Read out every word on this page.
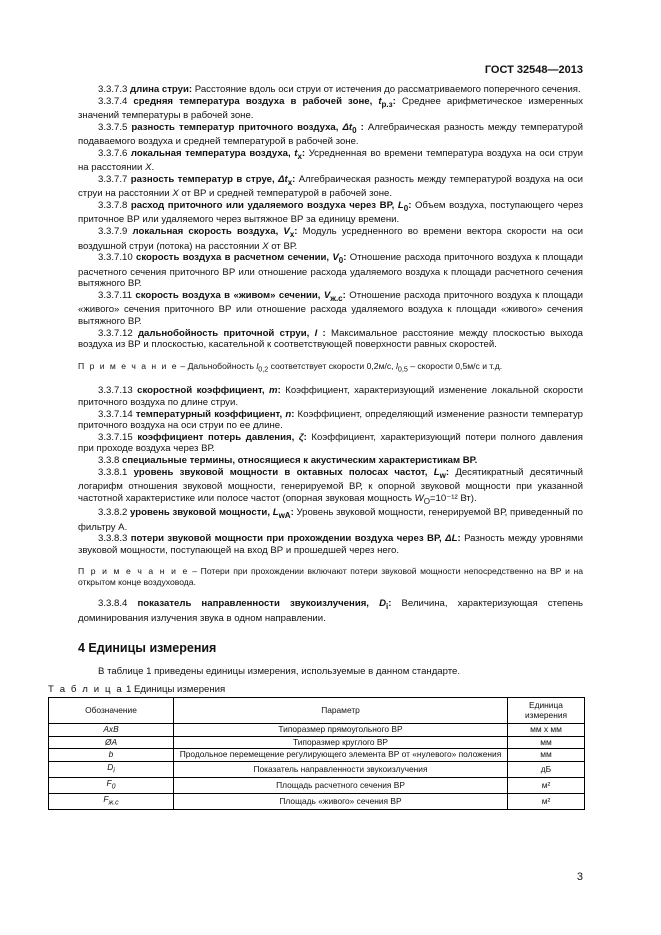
ГОСТ 32548—2013

3.3.7.3 длина струи: Расстояние вдоль оси струи от истечения до рассматриваемого поперечного сечения.

3.3.7.4 средняя температура воздуха в рабочей зоне, $t_{р.з}$: Среднее арифметическое измеренных значений температуры в рабочей зоне.

3.3.7.5 разность температур приточного воздуха, $\Delta t_0$ : Алгебраическая разность между температурой подаваемого воздуха и средней температурой в рабочей зоне.

3.3.7.6 локальная температура воздуха, $t_x$: Усредненная во времени температура воздуха на оси струи на расстоянии X.

3.3.7.7 разность температур в струе, $\Delta t_x$: Алгебраическая разность между температурой воздуха на оси струи на расстоянии X от ВР и средней температурой в рабочей зоне.

3.3.7.8 расход приточного или удаляемого воздуха через ВР, $L_0$: Объем воздуха, поступающего через приточное ВР или удаляемого через вытяжное ВР за единицу времени.

3.3.7.9 локальная скорость воздуха, $V_x$: Модуль усредненного во времени вектора скорости на оси воздушной струи (потока) на расстоянии X от ВР.

3.3.7.10 скорость воздуха в расчетном сечении, $V_0$: Отношение расхода приточного воздуха к площади расчетного сечения приточного ВР или отношение расхода удаляемого воздуха к площади расчетного сечения вытяжного ВР.

3.3.7.11 скорость воздуха в «живом» сечении, $V_{ж.с}$: Отношение расхода приточного воздуха к площади «живого» сечения приточного ВР или отношение расхода удаляемого воздуха к площади «живого» сечения вытяжного ВР.

3.3.7.12 дальнобойность приточной струи, l : Максимальное расстояние между плоскостью выхода воздуха из ВР и плоскостью, касательной к соответствующей поверхности равных скоростей.

П р и м е ч а н и е – Дальнобойность $l_{0,2}$ соответствует скорости 0,2м/с, $l_{0,5}$ – скорости 0,5м/с и т.д.

3.3.7.13 скоростной коэффициент, m: Коэффициент, характеризующий изменение локальной скорости приточного воздуха по длине струи.

3.3.7.14 температурный коэффициент, n: Коэффициент, определяющий изменение разности температур приточного воздуха на оси струи по ее длине.

3.3.7.15 коэффициент потерь давления, ζ: Коэффициент, характеризующий потери полного давления при проходе воздуха через ВР.

3.3.8 специальные термины, относящиеся к акустическим характеристикам ВР.

3.3.8.1 уровень звуковой мощности в октавных полосах частот, $L_w$: Десятикратный десятичный логарифм отношения звуковой мощности, генерируемой ВР, к опорной звуковой мощности при указанной частотной характеристике или полосе частот (опорная звуковая мощность $W_O=10^{-12}$ Вт).

3.3.8.2 уровень звуковой мощности, $L_{wA}$: Уровень звуковой мощности, генерируемой ВР, приведенный по фильтру А.

3.3.8.3 потери звуковой мощности при прохождении воздуха через ВР, ΔL: Разность между уровнями звуковой мощности, поступающей на вход ВР и прошедшей через него.

П р и м е ч а н и е – Потери при прохождении включают потери звуковой мощности непосредственно на ВР и на открытом конце воздуховода.

3.3.8.4 показатель направленности звукоизлучения, $D_i$: Величина, характеризующая степень доминирования излучения звука в одном направлении.

4 Единицы измерения

В таблице 1 приведены единицы измерения, используемые в данном стандарте.

Т а б л и ц а 1 Единицы измерения
Обозначение	Параметр	Единица измерения
AxB	Типоразмер прямоугольного ВР	мм х мм
ØA	Типоразмер круглого ВР	мм
b	Продольное перемещение регулирующего элемента ВР от «нулевого» положения	мм
$D_i$	Показатель направленности звукоизлучения	дБ
$F_0$	Площадь расчетного сечения ВР	м²
$F_{ж.с}$	Площадь «живого» сечения ВР	м²
3
